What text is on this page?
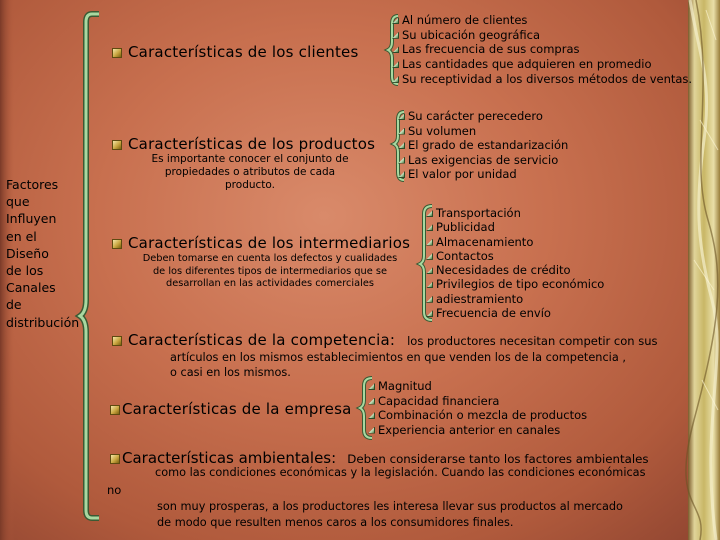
Factores
que
Influyen
en el
Diseño
de los
Canales
de
distribución
Características de los clientes
Al número de clientes
Su ubicación geográfica
Las frecuencia de sus compras
Las cantidades que adquieren en promedio
Su receptividad a los diversos métodos de ventas.
Características de los productos
Es importante conocer el conjunto de
propiedades o atributos de cada
producto.
Su carácter perecedero
Su volumen
El grado de estandarización
Las exigencias de servicio
El valor por unidad
Características de los intermediarios
Deben tomarse en cuenta los defectos y cualidades
de los diferentes tipos de intermediarios que se
desarrollan en las actividades comerciales
Transportación
Publicidad
Almacenamiento
Contactos
Necesidades de crédito
Privilegios de tipo económico
adiestramiento
Frecuencia de envío
Características de la competencia: los productores necesitan competir con sus
artículos en los mismos establecimientos en que venden los de la competencia ,
o casi en los mismos.
Características de la empresa
Magnitud
Capacidad financiera
Combinación o mezcla de productos
Experiencia anterior en canales
Características ambientales: Deben considerarse tanto los factores ambientales
como las condiciones económicas y la legislación. Cuando las condiciones económicas
no
son muy prosperas, a los productores les interesa llevar sus productos al mercado
de modo que resulten menos caros a los consumidores finales.
